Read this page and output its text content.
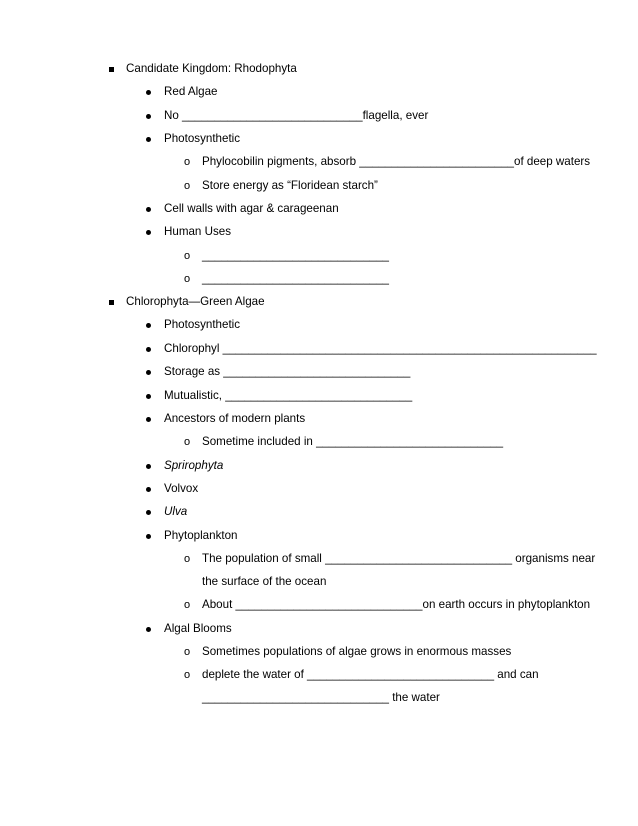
Candidate Kingdom: Rhodophyta
Red Algae
No ____________________________flagella, ever
Photosynthetic
o Phylocobilin pigments, absorb ________________________of deep waters
o Store energy as “Floridean starch”
Cell walls with agar & carageenan
Human Uses
o _____________________________
o _____________________________
Chlorophyta—Green Algae
Photosynthetic
Chlorophyl __________________________________________________________
Storage as _____________________________
Mutualistic, _____________________________
Ancestors of modern plants
o Sometime included in _____________________________
Sprirophyta
Volvox
Ulva
Phytoplankton
o The population of small _____________________________ organisms near
the surface of the ocean
o About _____________________________on earth occurs in phytoplankton
Algal Blooms
o Sometimes populations of algae grows in enormous masses
o deplete the water of _____________________________ and can
_____________________________ the water
